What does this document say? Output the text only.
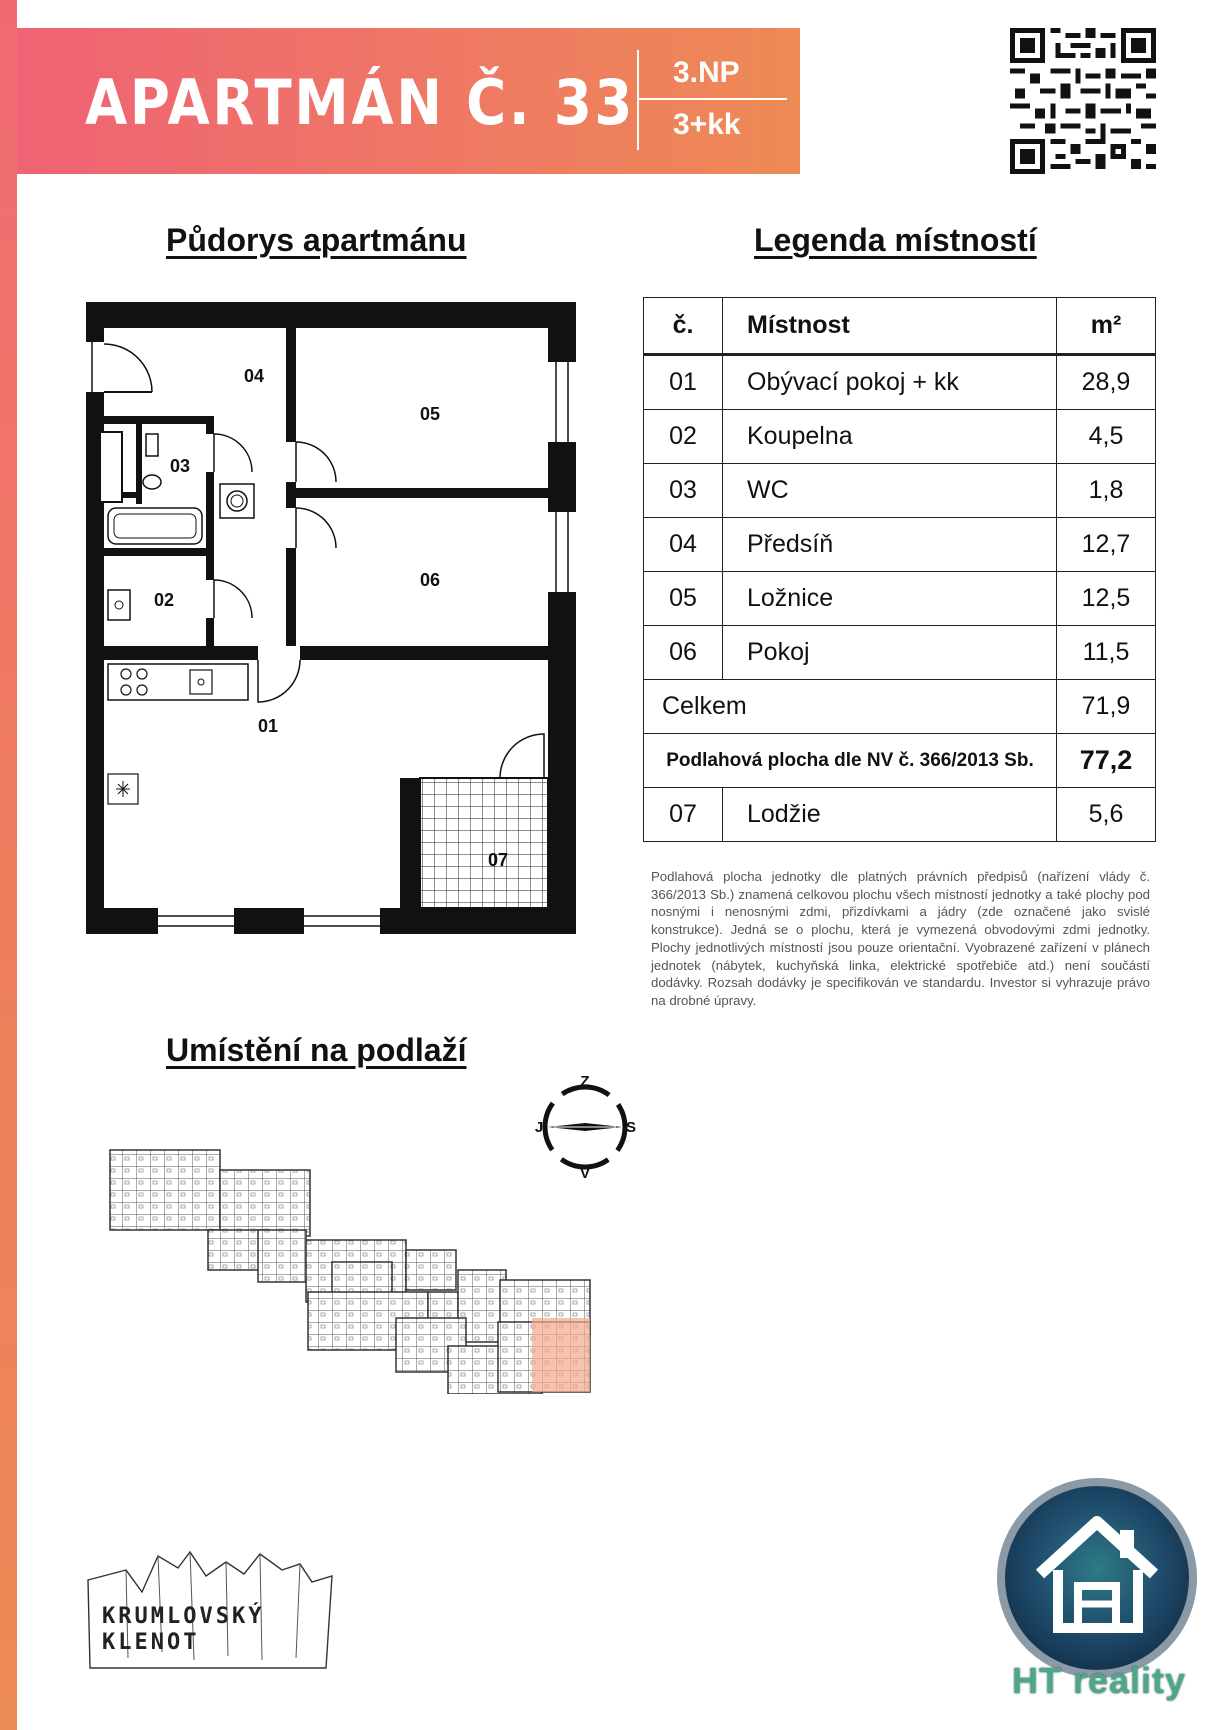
APARTMÁN Č. 33 3.NP
3+kk
Půdorys apartmánu	Legenda místností
01
02
03
04
05
06
07
č.	Místnost	m²
01	Obývací pokoj + kk	28,9
02	Koupelna	4,5
03	WC	1,8
04	Předsíň	12,7
05	Ložnice	12,5
06	Pokoj	11,5
Celkem		71,9
Podlahová plocha dle NV č. 366/2013 Sb.		77,2
07	Lodžie	5,6
Podlahová plocha jednotky dle platných právních předpisů (nařízení vlády č. 366/2013 Sb.) znamená celkovou plochu všech místností jednotky a také plochy pod nosnými i nenosnými zdmi, přizdívkami a jádry (zde označené jako svislé konstrukce). Jedná se o plochu, která je vymezená obvodovými zdmi jednotky. Plochy jednotlivých místností jsou pouze orientační. Vyobrazené zařízení v plánech jednotek (nábytek, kuchyňská linka, elektrické spotřebiče atd.) není součástí dodávky. Rozsah dodávky je specifikován ve standardu. Investor si vyhrazuje právo na drobné úpravy.
Umístění na podlaží
Z
V
J	S
KRUMLOVSKÝ
KLENOT
HT reality
